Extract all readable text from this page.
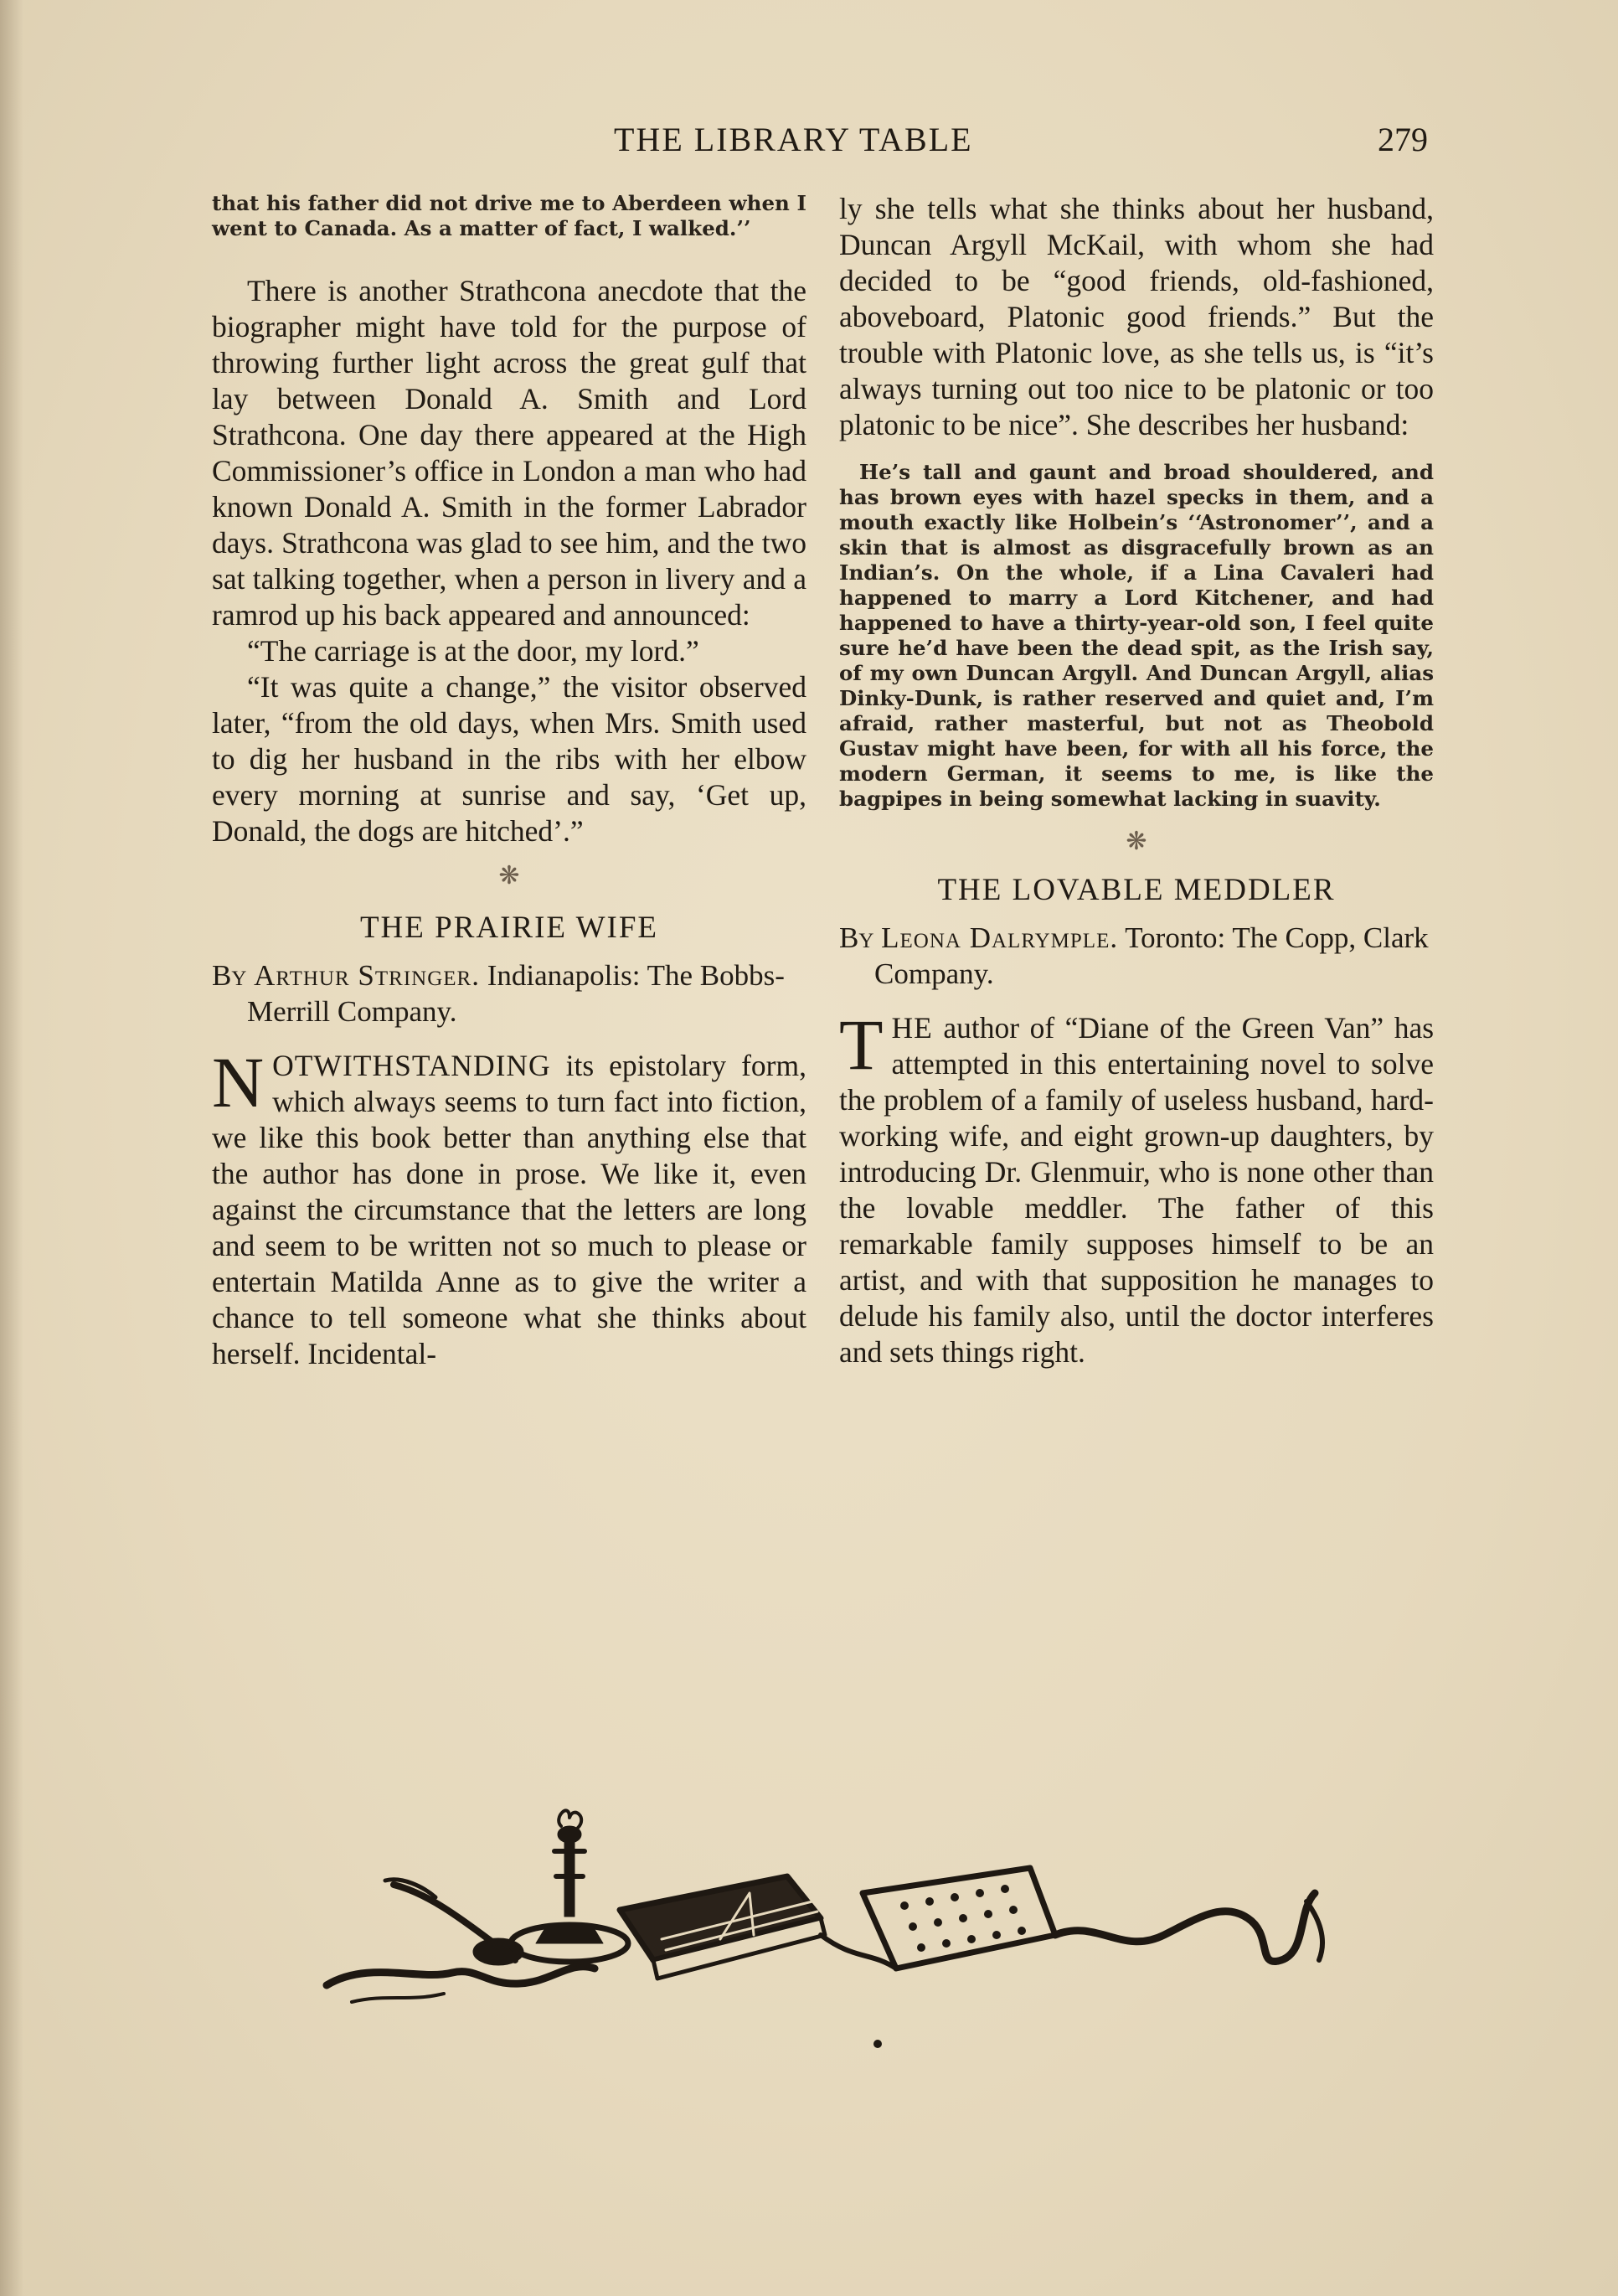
THE LIBRARY TABLE	279

that his father did not drive me to Aberdeen when I went to Canada. As a matter of fact, I walked.’’

There is another Strathcona anecdote that the biographer might have told for the purpose of throwing further light across the great gulf that lay between Donald A. Smith and Lord Strathcona. One day there appeared at the High Commissioner’s office in London a man who had known Donald A. Smith in the former Labrador days. Strathcona was glad to see him, and the two sat talking together, when a person in livery and a ramrod up his back appeared and announced:

“The carriage is at the door, my lord.”

“It was quite a change,” the visitor observed later, “from the old days, when Mrs. Smith used to dig her husband in the ribs with her elbow every morning at sunrise and say, ‘Get up, Donald, the dogs are hitched’.”

❋

THE PRAIRIE WIFE

By Arthur Stringer. Indianapolis: The Bobbs-Merrill Company.

NOTWITHSTANDING its epistolary form, which always seems to turn fact into fiction, we like this book better than anything else that the author has done in prose. We like it, even against the circumstance that the letters are long and seem to be written not so much to please or entertain Matilda Anne as to give the writer a chance to tell someone what she thinks about herself. Incidental-

ly she tells what she thinks about her husband, Duncan Argyll McKail, with whom she had decided to be “good friends, old-fashioned, aboveboard, Platonic good friends.” But the trouble with Platonic love, as she tells us, is “it’s always turning out too nice to be platonic or too platonic to be nice”. She describes her husband:

He’s tall and gaunt and broad shouldered, and has brown eyes with hazel specks in them, and a mouth exactly like Holbein’s ‘‘Astronomer’’, and a skin that is almost as disgracefully brown as an Indian’s. On the whole, if a Lina Cavaleri had happened to marry a Lord Kitchener, and had happened to have a thirty-year-old son, I feel quite sure he’d have been the dead spit, as the Irish say, of my own Duncan Argyll. And Duncan Argyll, alias Dinky-Dunk, is rather reserved and quiet and, I’m afraid, rather masterful, but not as Theobold Gustav might have been, for with all his force, the modern German, it seems to me, is like the bagpipes in being somewhat lacking in suavity.

❋

THE LOVABLE MEDDLER

By Leona Dalrymple. Toronto: The Copp, Clark Company.

THE author of “Diane of the Green Van” has attempted in this entertaining novel to solve the problem of a family of useless husband, hard-working wife, and eight grown-up daughters, by introducing Dr. Glenmuir, who is none other than the lovable meddler. The father of this remarkable family supposes himself to be an artist, and with that supposition he manages to delude his family also, until the doctor interferes and sets things right.
